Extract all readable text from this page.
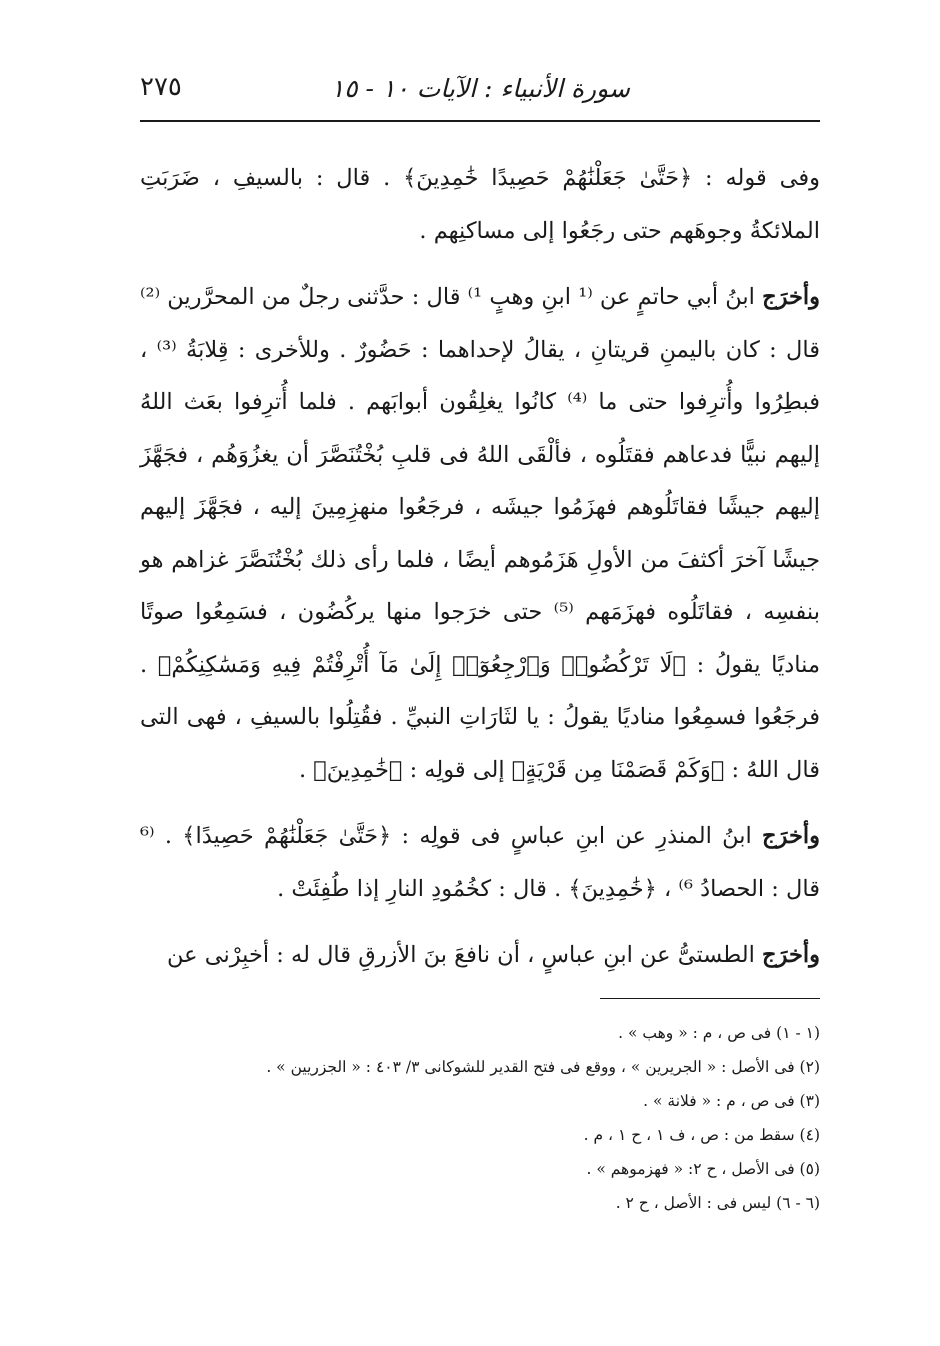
سورة الأنبياء : الآيات ١٠ - ١٥
٢٧٥

وفى قوله : ﴿حَتَّىٰ جَعَلْنَٰهُمْ حَصِيدًا خَٰمِدِينَ﴾ . قال : بالسيفِ ، ضَرَبَتِ الملائكةُ وجوهَهم حتى رجَعُوا إلى مساكنِهم .

وأخرَج ابنُ أبي حاتمٍ عن ⁽¹ ابنِ وهبٍ ¹⁾ قال : حدَّثنى رجلٌ من المحرَّرين ⁽²⁾ قال : كان باليمنِ قريتانِ ، يقالُ لإحداهما : حَضُورٌ . وللأخرى : قِلابَةُ ⁽³⁾ ، فبطِرُوا وأُترِفوا حتى ما ⁽⁴⁾ كانُوا يغلِقُون أبوابَهم . فلما أُترِفوا بعَث اللهُ إليهم نبيًّا فدعاهم فقتَلُوه ، فألْقَى اللهُ فى قلبِ بُخْتُنَصَّرَ أن يغزُوَهُم ، فجَهَّزَ إليهم جيشًا فقاتَلُوهم فهزَمُوا جيشَه ، فرجَعُوا منهزِمِينَ إليه ، فجَهَّزَ إليهم جيشًا آخرَ أكثفَ من الأولِ هَزَمُوهم أيضًا ، فلما رأى ذلك بُخْتُنَصَّرَ غزاهم هو بنفسِه ، فقاتَلُوه فهزَمَهم ⁽⁵⁾ حتى خرَجوا منها يركُضُون ، فسَمِعُوا صوتًا مناديًا يقولُ : ﴿لَا تَرْكُضُوا۟ وَٱرْجِعُوٓا۟ إِلَىٰ مَآ أُتْرِفْتُمْ فِيهِ وَمَسَٰكِنِكُمْ﴾ . فرجَعُوا فسمِعُوا مناديًا يقولُ : يا لثَارَاتِ النبيِّ . فقُتِلُوا بالسيفِ ، فهى التى قال اللهُ : ﴿وَكَمْ قَصَمْنَا مِن قَرْيَةٍ﴾ إلى قولِه : ﴿خَٰمِدِينَ﴾ .

وأخرَج ابنُ المنذرِ عن ابنِ عباسٍ فى قولِه : ﴿حَتَّىٰ جَعَلْنَٰهُمْ حَصِيدًا﴾ . ⁽⁶ قال : الحصادُ ⁶⁾ ، ﴿خَٰمِدِينَ﴾ . قال : كخُمُودِ النارِ إذا طُفِئَتْ .

وأخرَج الطستىُّ عن ابنِ عباسٍ ، أن نافعَ بنَ الأزرقِ قال له : أخبِرْنى عن

(١ - ١) فى ص ، م : « وهب » .
(٢) فى الأصل : « الجريرين » ، ووقع فى فتح القدير للشوكانى ٣/ ٤٠٣ : « الجزريين » .
(٣) فى ص ، م : « فلانة » .
(٤) سقط من : ص ، ف ١ ، ح ١ ، م .
(٥) فى الأصل ، ح ٢: « فهزموهم » .
(٦ - ٦) ليس فى : الأصل ، ح ٢ .
